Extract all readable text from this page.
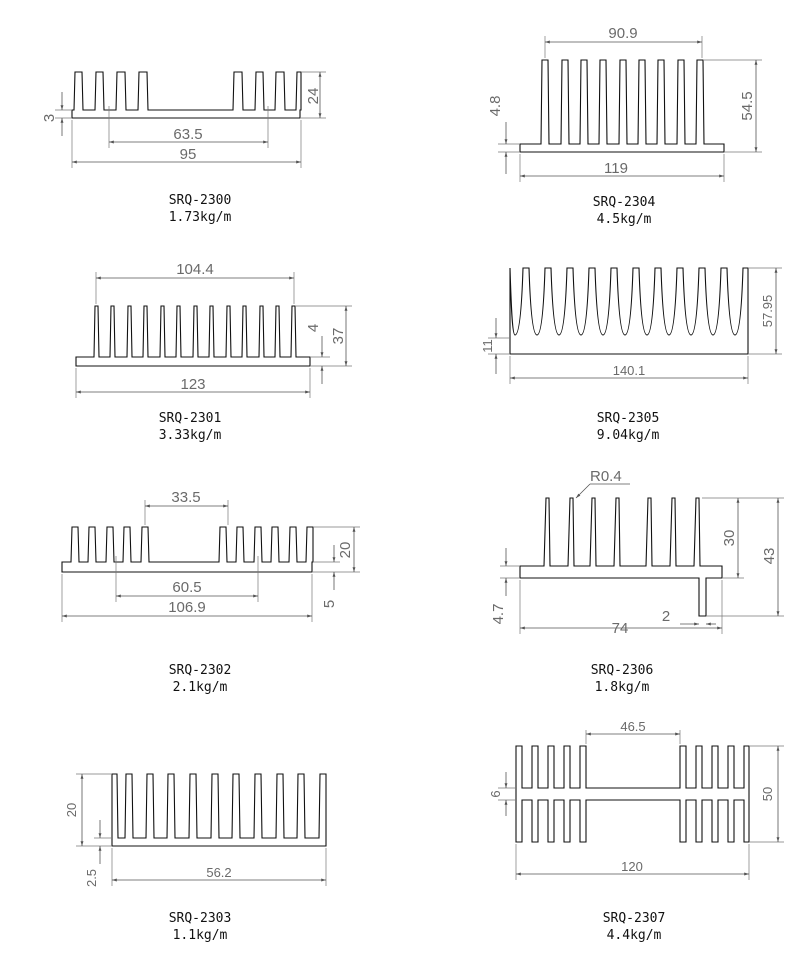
24
3
63.5
95
90.9
54.5
4.8
119
104.4
37
4
123
57.95
11
140.1
33.5
20
5
60.5
106.9
R0.4
30
43
4.7
74
2
20
2.5	56.2
46.5
50
6
120
SRQ-2300
1.73kg/m
SRQ-2304
4.5kg/m
SRQ-2301
3.33kg/m
SRQ-2305
9.04kg/m
SRQ-2302
2.1kg/m
SRQ-2306
1.8kg/m
SRQ-2303
1.1kg/m
SRQ-2307
4.4kg/m
